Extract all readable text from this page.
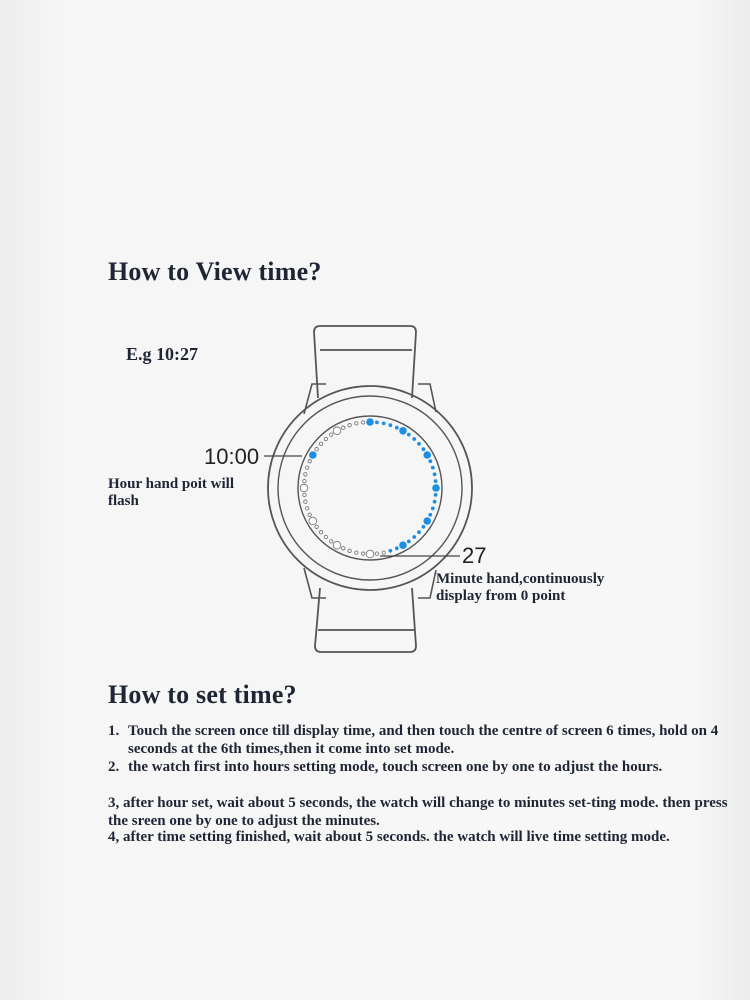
How to View time?
E.g 10:27
10:00
27
Hour hand poit will
flash
Minute hand,continuously
display from 0 point
How to set time?
1. Touch the screen once till display time, and then touch the centre of screen 6 times, hold on 4 seconds at the 6th times,then it come into set mode.
2. the watch first into hours setting mode, touch screen one by one to adjust the hours.
3, after hour set, wait about 5 seconds, the watch will change to minutes set-ting mode. then press the sreen one by one to adjust the minutes.
4, after time setting finished, wait about 5 seconds. the watch will live time setting mode.
